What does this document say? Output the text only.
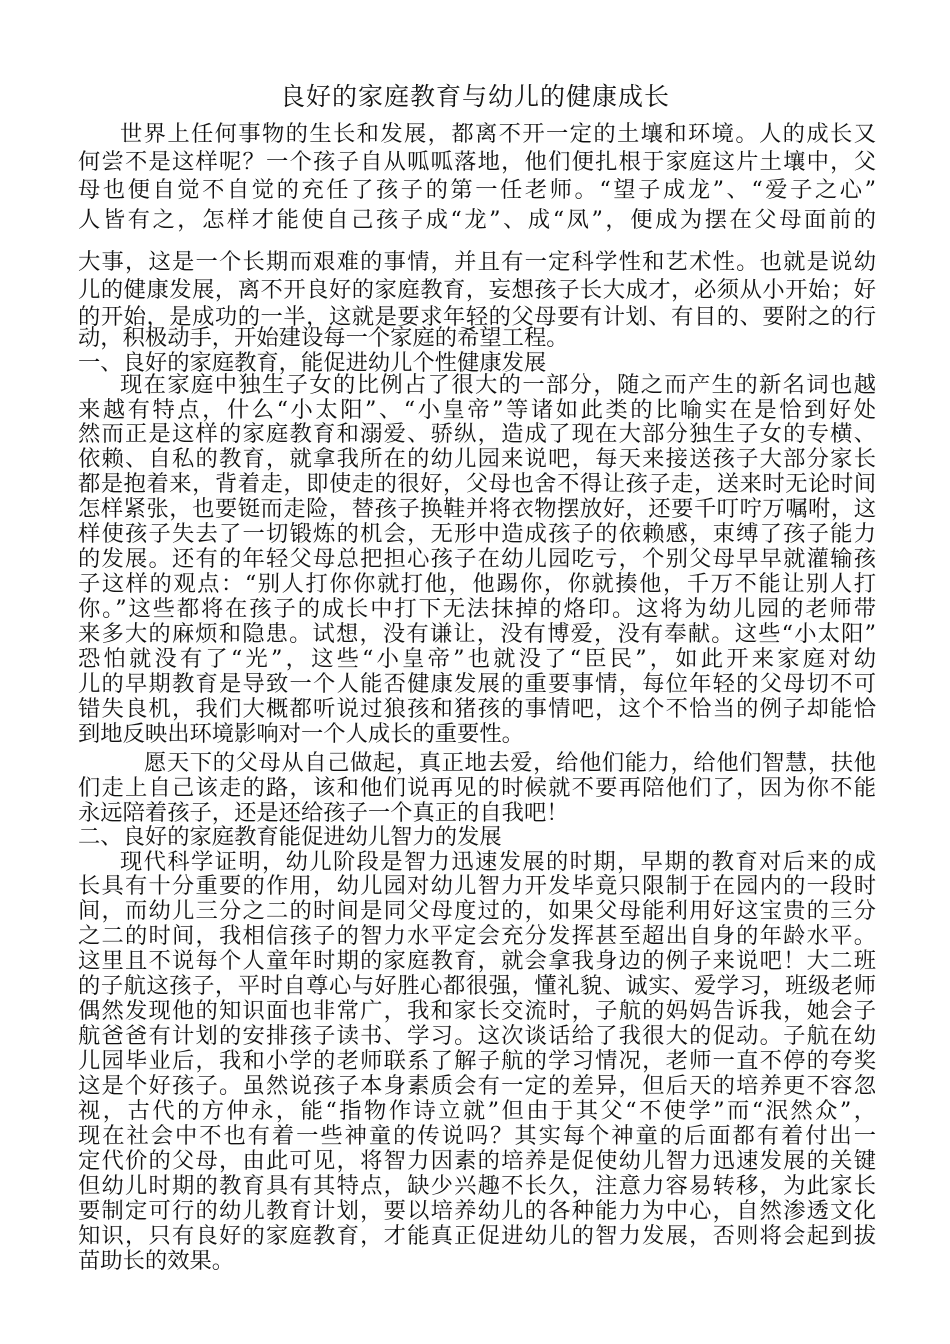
良好的家庭教育与幼儿的健康成长
世界上任何事物的生长和发展，都离不开一定的土壤和环境。人的成长又
何尝不是这样呢？一个孩子自从呱呱落地，他们便扎根于家庭这片土壤中，父
母也便自觉不自觉的充任了孩子的第一任老师。“望子成龙”、“爱子之心”
人皆有之，怎样才能使自己孩子成“龙”、成“凤”，便成为摆在父母面前的
大事，这是一个长期而艰难的事情，并且有一定科学性和艺术性。也就是说幼
儿的健康发展，离不开良好的家庭教育，妄想孩子长大成才，必须从小开始；好
的开始，是成功的一半，这就是要求年轻的父母要有计划、有目的、要附之的行
动，积极动手，开始建设每一个家庭的希望工程。
一、良好的家庭教育，能促进幼儿个性健康发展
现在家庭中独生子女的比例占了很大的一部分，随之而产生的新名词也越
来越有特点，什么“小太阳”、“小皇帝”等诸如此类的比喻实在是恰到好处
然而正是这样的家庭教育和溺爱、骄纵，造成了现在大部分独生子女的专横、
依赖、自私的教育，就拿我所在的幼儿园来说吧，每天来接送孩子大部分家长
都是抱着来，背着走，即使走的很好，父母也舍不得让孩子走，送来时无论时间
怎样紧张，也要铤而走险，替孩子换鞋并将衣物摆放好，还要千叮咛万嘱咐，这
样使孩子失去了一切锻炼的机会，无形中造成孩子的依赖感，束缚了孩子能力
的发展。还有的年轻父母总把担心孩子在幼儿园吃亏，个别父母早早就灌输孩
子这样的观点：“别人打你你就打他，他踢你，你就揍他，千万不能让别人打
你。”这些都将在孩子的成长中打下无法抹掉的烙印。这将为幼儿园的老师带
来多大的麻烦和隐患。试想，没有谦让，没有博爱，没有奉献。这些“小太阳”
恐怕就没有了“光”，这些“小皇帝”也就没了“臣民”，如此开来家庭对幼
儿的早期教育是导致一个人能否健康发展的重要事情，每位年轻的父母切不可
错失良机，我们大概都听说过狼孩和猪孩的事情吧，这个不恰当的例子却能恰
到地反映出环境影响对一个人成长的重要性。
愿天下的父母从自己做起，真正地去爱，给他们能力，给他们智慧，扶他
们走上自己该走的路，该和他们说再见的时候就不要再陪他们了，因为你不能
永远陪着孩子，还是还给孩子一个真正的自我吧！
二、良好的家庭教育能促进幼儿智力的发展
现代科学证明，幼儿阶段是智力迅速发展的时期，早期的教育对后来的成
长具有十分重要的作用，幼儿园对幼儿智力开发毕竟只限制于在园内的一段时
间，而幼儿三分之二的时间是同父母度过的，如果父母能利用好这宝贵的三分
之二的时间，我相信孩子的智力水平定会充分发挥甚至超出自身的年龄水平。
这里且不说每个人童年时期的家庭教育，就会拿我身边的例子来说吧！大二班
的子航这孩子，平时自尊心与好胜心都很强，懂礼貌、诚实、爱学习，班级老师
偶然发现他的知识面也非常广，我和家长交流时，子航的妈妈告诉我，她会子
航爸爸有计划的安排孩子读书、学习。这次谈话给了我很大的促动。子航在幼
儿园毕业后，我和小学的老师联系了解子航的学习情况，老师一直不停的夸奖
这是个好孩子。虽然说孩子本身素质会有一定的差异，但后天的培养更不容忽
视，古代的方仲永，能“指物作诗立就”但由于其父“不使学”而“泯然众”，
现在社会中不也有着一些神童的传说吗？其实每个神童的后面都有着付出一
定代价的父母，由此可见，将智力因素的培养是促使幼儿智力迅速发展的关键
但幼儿时期的教育具有其特点，缺少兴趣不长久，注意力容易转移，为此家长
要制定可行的幼儿教育计划，要以培养幼儿的各种能力为中心，自然渗透文化
知识，只有良好的家庭教育，才能真正促进幼儿的智力发展，否则将会起到拔
苗助长的效果。
